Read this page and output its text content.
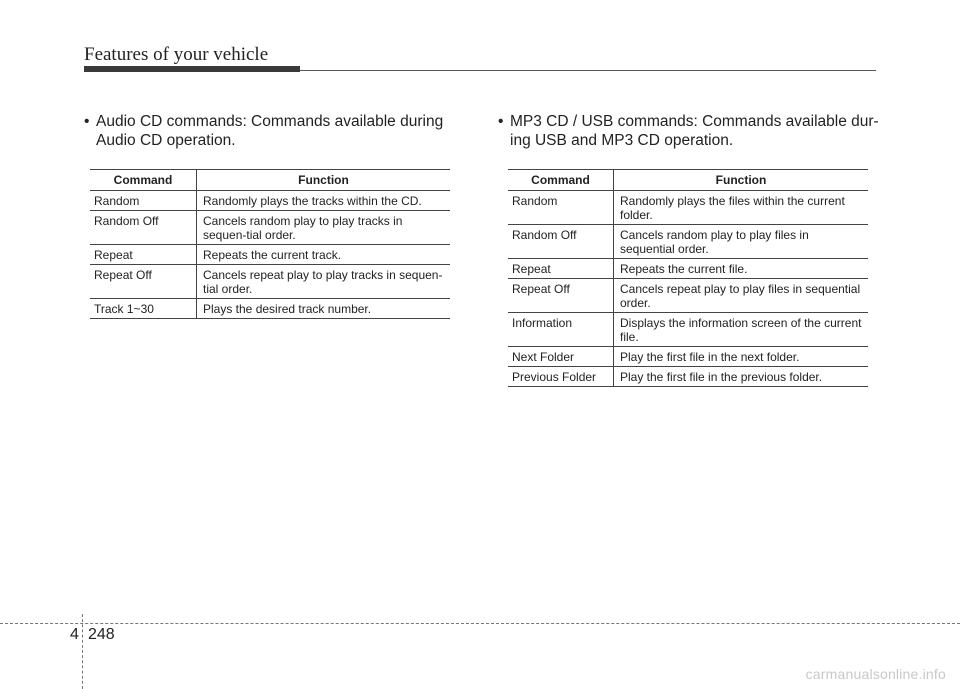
Features of your vehicle
• Audio CD commands: Commands available during
Audio CD operation.
Command	Function
Random	Randomly plays the tracks within the CD.
Random Off	Cancels random play to play tracks in sequen-tial order.
Repeat	Repeats the current track.
Repeat Off	Cancels repeat play to play tracks in sequen-tial order.
Track 1~30	Plays the desired track number.
• MP3 CD / USB commands: Commands available dur-
ing USB and MP3 CD operation.
Command	Function
Random	Randomly plays the files within the current folder.
Random Off	Cancels random play to play files in sequential order.
Repeat	Repeats the current file.
Repeat Off	Cancels repeat play to play files in sequential order.
Information	Displays the information screen of the current file.
Next Folder	Play the first file in the next folder.
Previous Folder	Play the first file in the previous folder.
4 248
carmanualsonline.info
